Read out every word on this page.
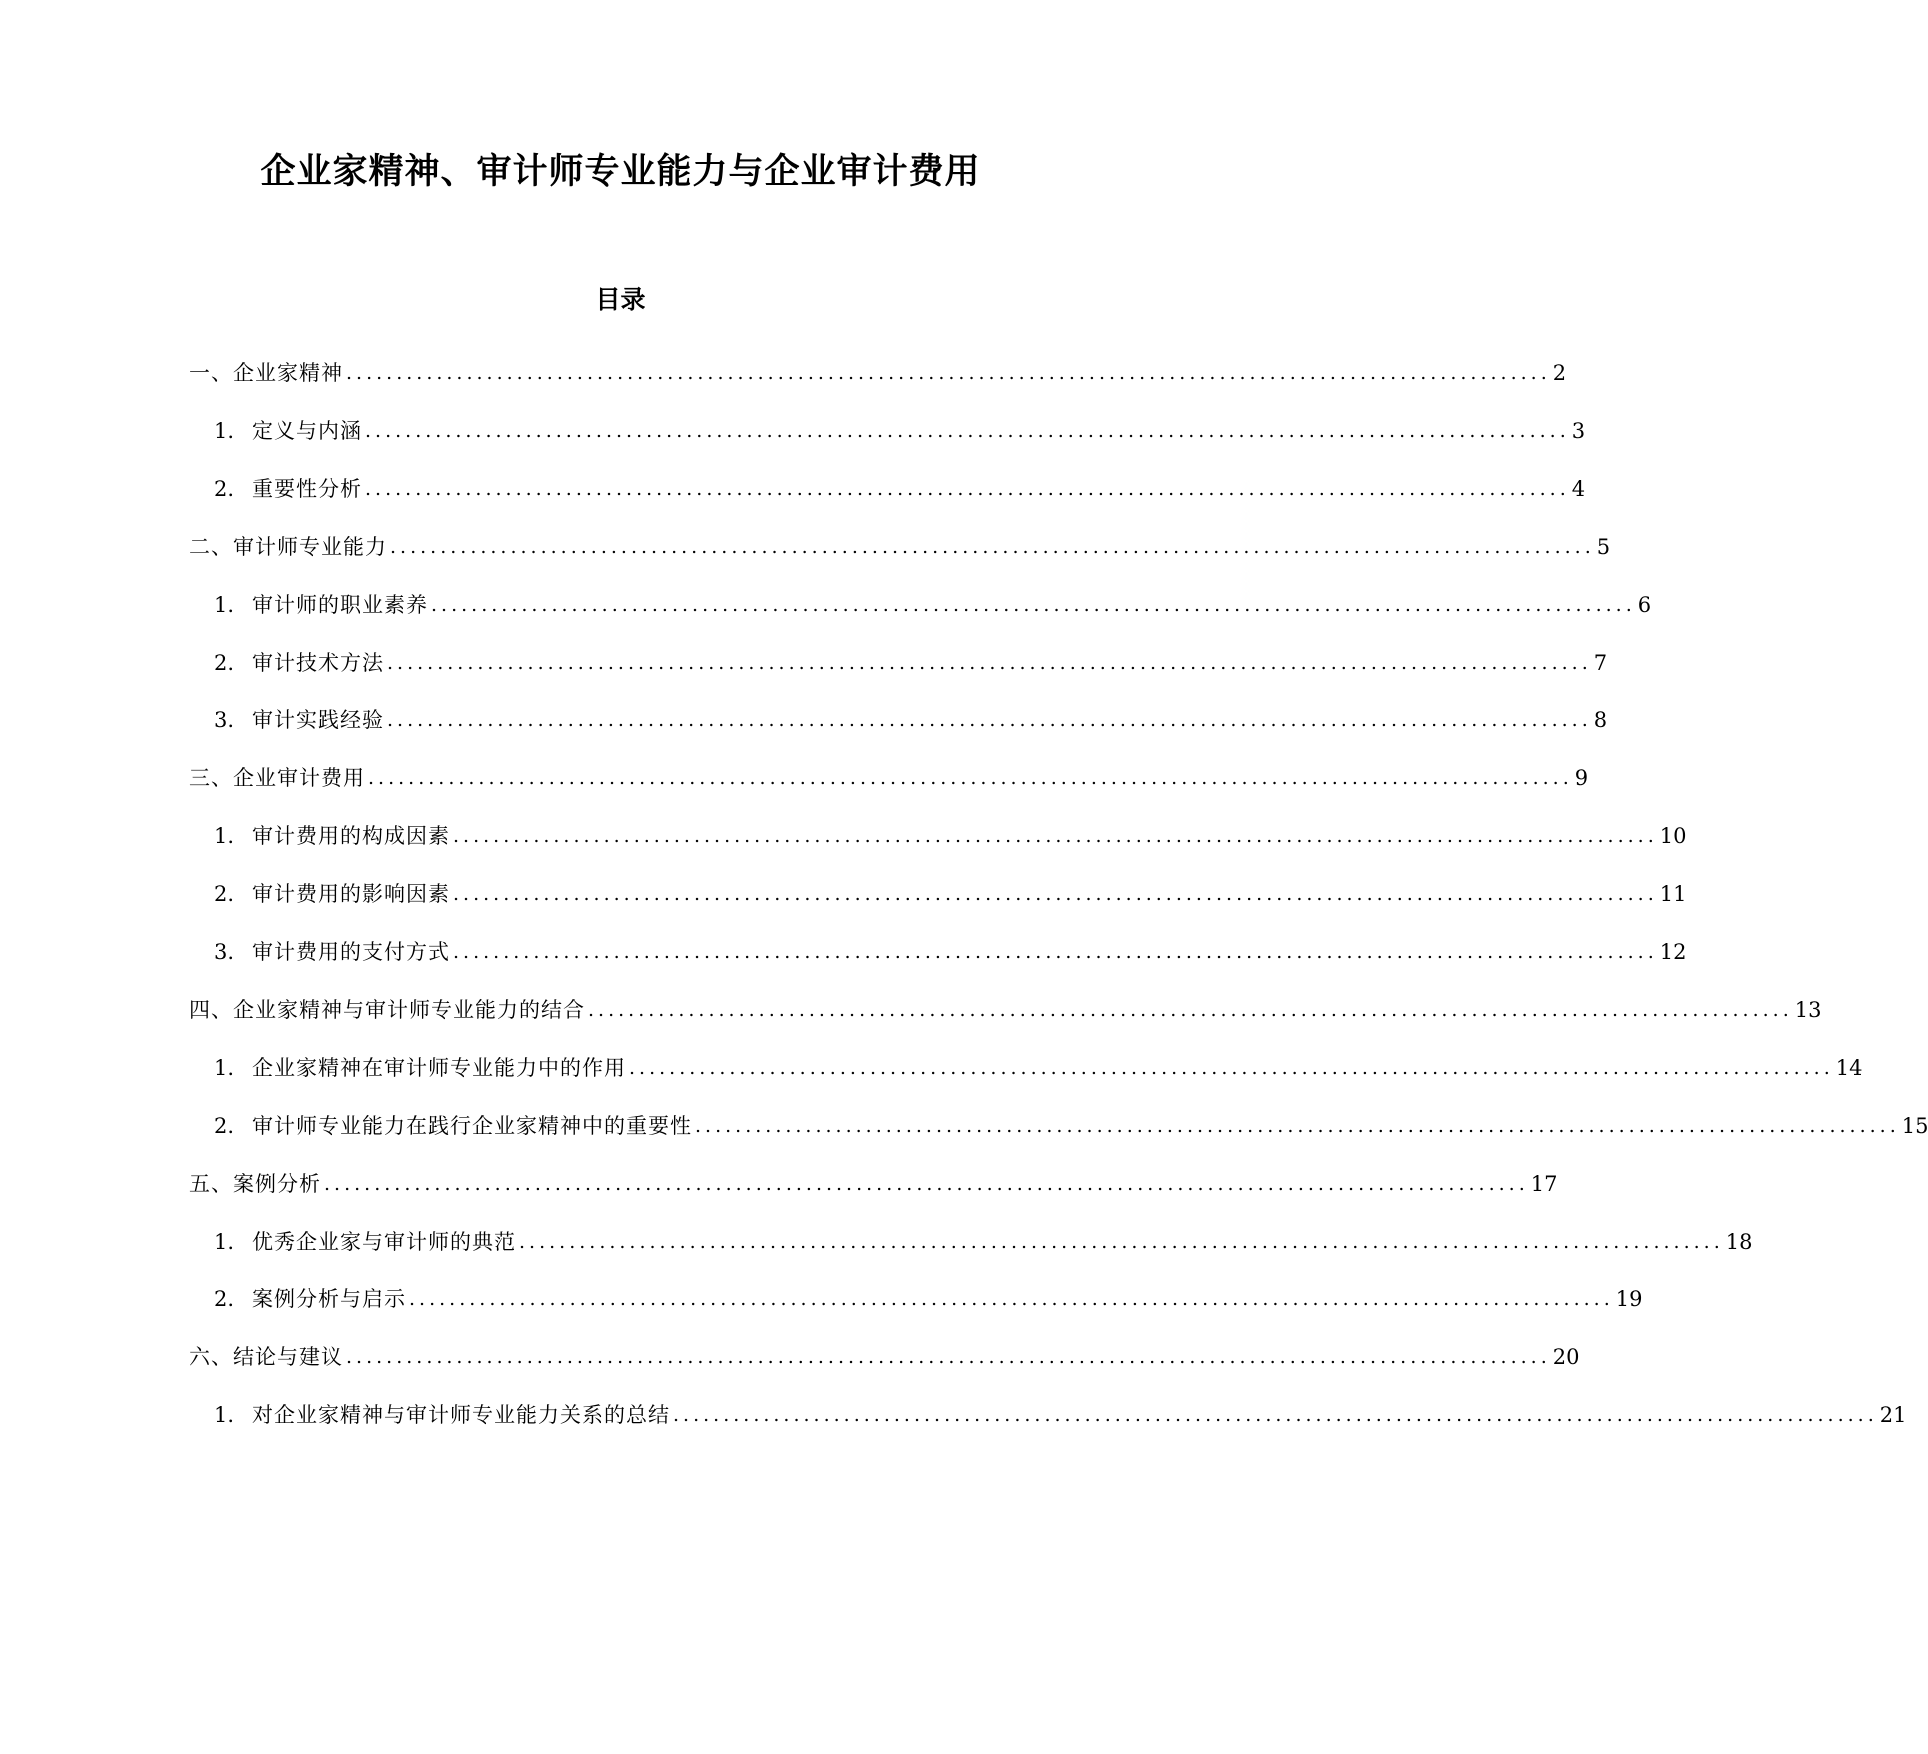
企业家精神、审计师专业能力与企业审计费用
目录
一、企业家精神 ........................................................................................................................ 2
1. 定义与内涵 ........................................................................................................................ 3
2. 重要性分析 ........................................................................................................................ 4
二、审计师专业能力 ........................................................................................................................ 5
1. 审计师的职业素养 ........................................................................................................................ 6
2. 审计技术方法 ........................................................................................................................ 7
3. 审计实践经验 ........................................................................................................................ 8
三、企业审计费用 ........................................................................................................................ 9
1. 审计费用的构成因素 ........................................................................................................................ 10
2. 审计费用的影响因素 ........................................................................................................................ 11
3. 审计费用的支付方式 ........................................................................................................................ 12
四、企业家精神与审计师专业能力的结合 ........................................................................................................................ 13
1. 企业家精神在审计师专业能力中的作用 ........................................................................................................................ 14
2. 审计师专业能力在践行企业家精神中的重要性 ........................................................................................................................ 15
五、案例分析 ........................................................................................................................ 17
1. 优秀企业家与审计师的典范 ........................................................................................................................ 18
2. 案例分析与启示 ........................................................................................................................ 19
六、结论与建议 ........................................................................................................................ 20
1. 对企业家精神与审计师专业能力关系的总结 ........................................................................................................................ 21
